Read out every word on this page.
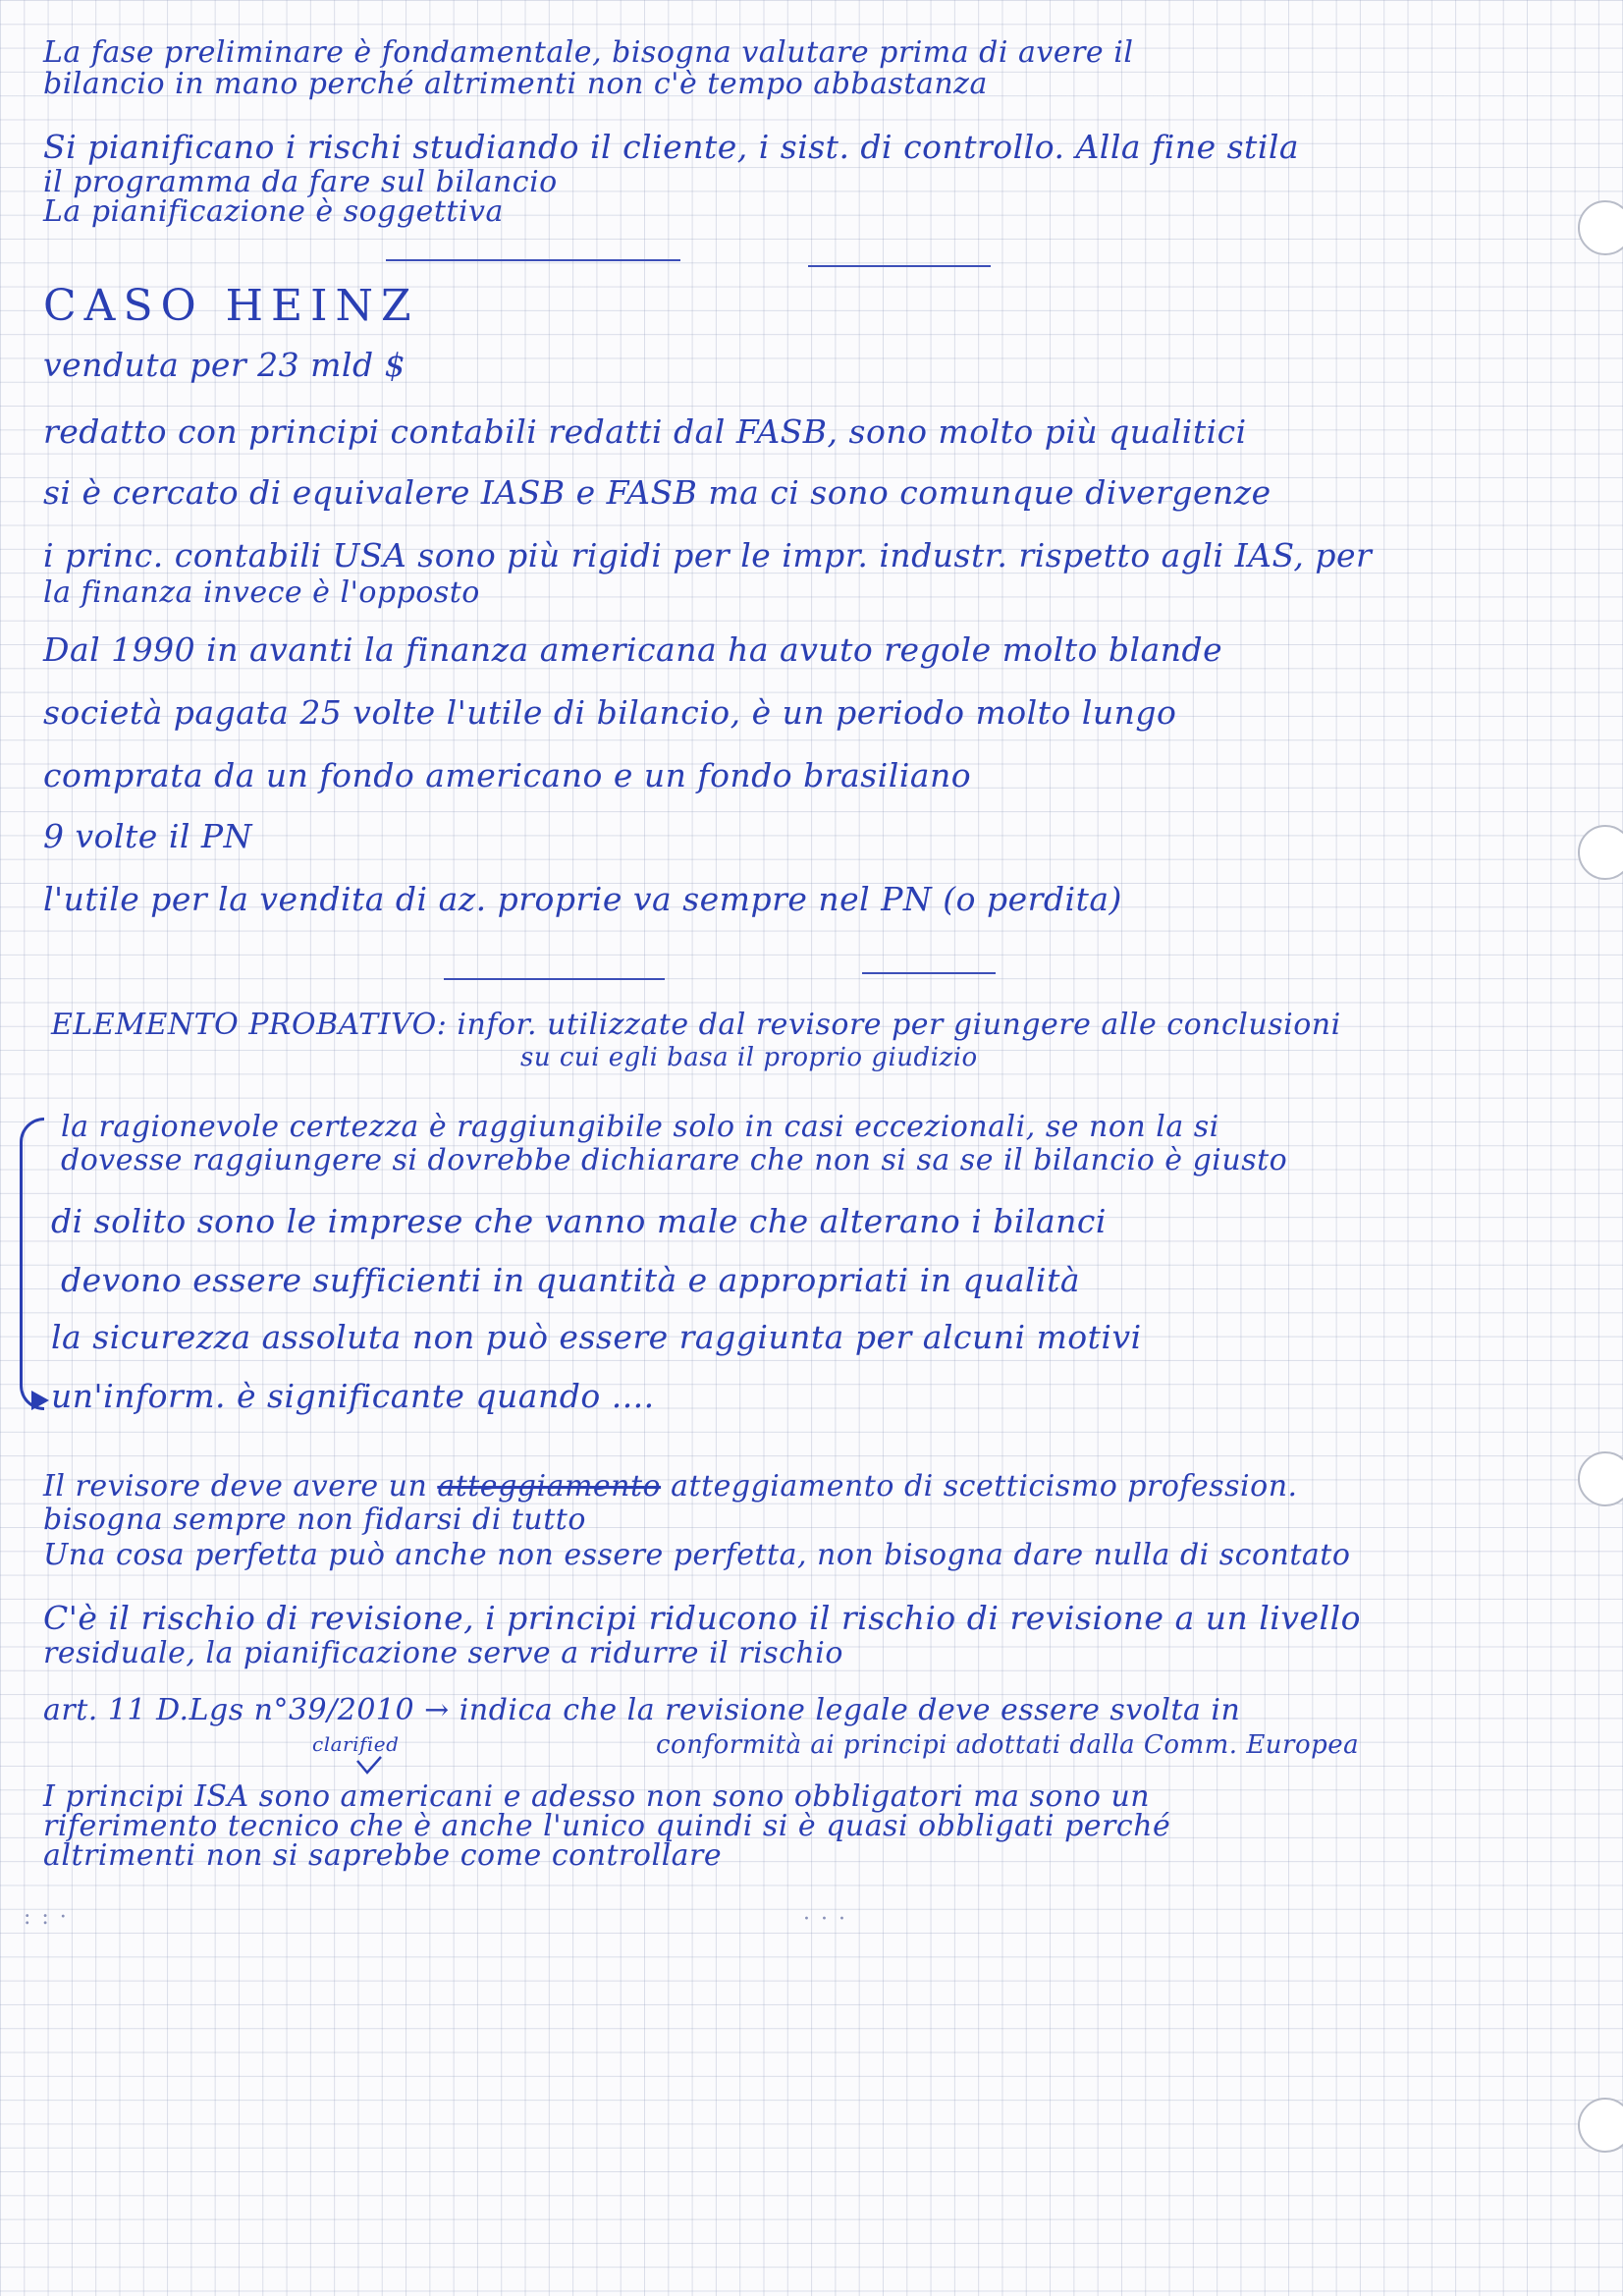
La fase preliminare è fondamentale, bisogna valutare prima di avere il
bilancio in mano perché altrimenti non c'è tempo abbastanza
Si pianificano i rischi studiando il cliente, i sist. di controllo. Alla fine stila
il programma da fare sul bilancio
La pianificazione è soggettiva
CASO HEINZ
venduta per 23 mld $
redatto con principi contabili redatti dal FASB, sono molto più qualitici
si è cercato di equivalere IASB e FASB ma ci sono comunque divergenze
i princ. contabili USA sono più rigidi per le impr. industr. rispetto agli IAS, per
la finanza invece è l'opposto
Dal 1990 in avanti la finanza americana ha avuto regole molto blande
società pagata 25 volte l'utile di bilancio, è un periodo molto lungo
comprata da un fondo americano e un fondo brasiliano
9 volte il PN
l'utile per la vendita di az. proprie va sempre nel PN (o perdita)
ELEMENTO PROBATIVO: infor. utilizzate dal revisore per giungere alle conclusioni
su cui egli basa il proprio giudizio
la ragionevole certezza è raggiungibile solo in casi eccezionali, se non la si
dovesse raggiungere si dovrebbe dichiarare che non si sa se il bilancio è giusto
di solito sono le imprese che vanno male che alterano i bilanci
devono essere sufficienti in quantità e appropriati in qualità
la sicurezza assoluta non può essere raggiunta per alcuni motivi
un'inform. è significante quando ....
Il revisore deve avere un atteggiamento atteggiamento di scetticismo profession.
bisogna sempre non fidarsi di tutto
Una cosa perfetta può anche non essere perfetta, non bisogna dare nulla di scontato
C'è il rischio di revisione, i principi riducono il rischio di revisione a un livello
residuale, la pianificazione serve a ridurre il rischio
art. 11 D.Lgs n°39/2010 → indica che la revisione legale deve essere svolta in
conformità ai principi adottati dalla Comm. Europea
clarified
I principi ISA sono americani e adesso non sono obbligatori ma sono un
riferimento tecnico che è anche l'unico quindi si è quasi obbligati perché
altrimenti non si saprebbe come controllare
: : ·	· · ·
